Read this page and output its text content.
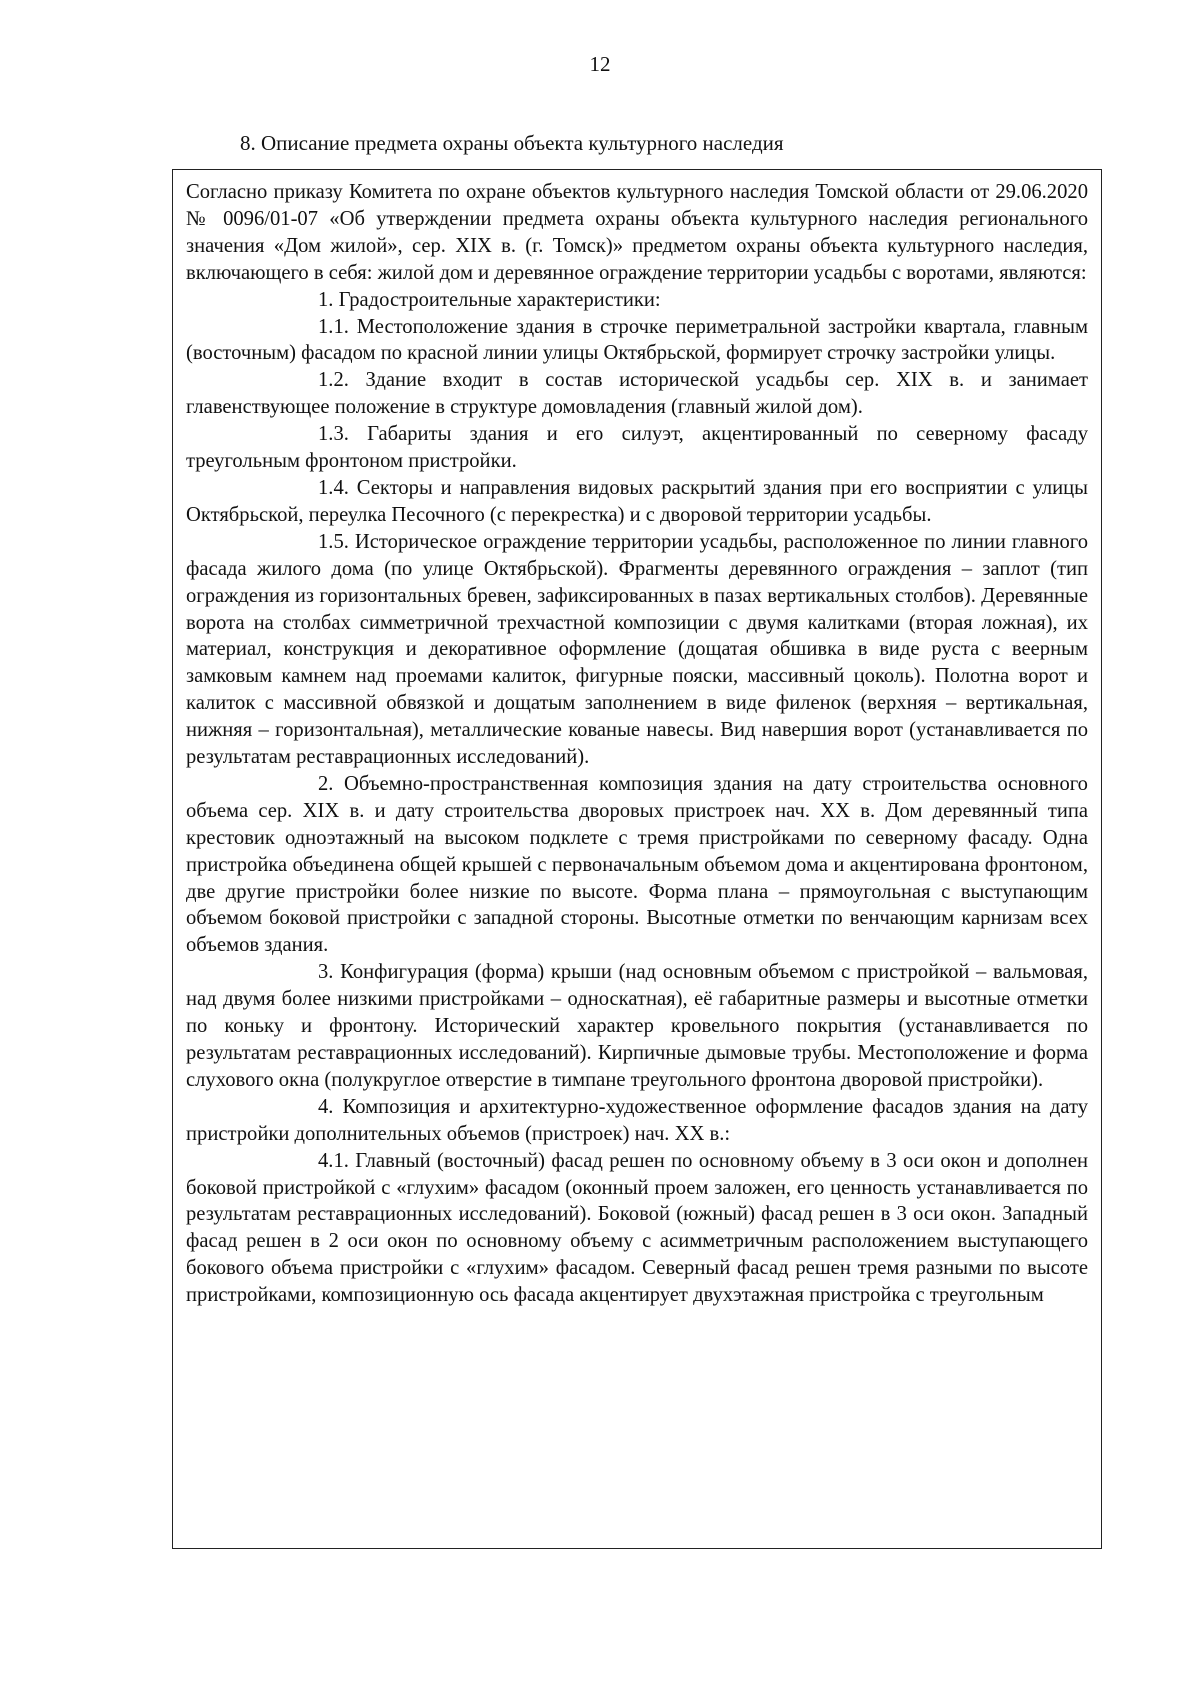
12
8. Описание предмета охраны объекта культурного наследия

Согласно приказу Комитета по охране объектов культурного наследия Томской области от 29.06.2020 № 0096/01-07 «Об утверждении предмета охраны объекта культурного наследия регионального значения «Дом жилой», сер. XIX в. (г. Томск)» предметом охраны объекта культурного наследия, включающего в себя: жилой дом и деревянное ограждение территории усадьбы с воротами, являются:

1. Градостроительные характеристики:

1.1. Местоположение здания в строчке периметральной застройки квартала, главным (восточным) фасадом по красной линии улицы Октябрьской, формирует строчку застройки улицы.

1.2. Здание входит в состав исторической усадьбы сер. XIX в. и занимает главенствующее положение в структуре домовладения (главный жилой дом).

1.3. Габариты здания и его силуэт, акцентированный по северному фасаду треугольным фронтоном пристройки.

1.4. Секторы и направления видовых раскрытий здания при его восприятии с улицы Октябрьской, переулка Песочного (с перекрестка) и с дворовой территории усадьбы.

1.5. Историческое ограждение территории усадьбы, расположенное по линии главного фасада жилого дома (по улице Октябрьской). Фрагменты деревянного ограждения – заплот (тип ограждения из горизонтальных бревен, зафиксированных в пазах вертикальных столбов). Деревянные ворота на столбах симметричной трехчастной композиции с двумя калитками (вторая ложная), их материал, конструкция и декоративное оформление (дощатая обшивка в виде руста с веерным замковым камнем над проемами калиток, фигурные пояски, массивный цоколь). Полотна ворот и калиток с массивной обвязкой и дощатым заполнением в виде филенок (верхняя – вертикальная, нижняя – горизонтальная), металлические кованые навесы. Вид навершия ворот (устанавливается по результатам реставрационных исследований).

2. Объемно-пространственная композиция здания на дату строительства основного объема сер. XIX в. и дату строительства дворовых пристроек нач. XX в. Дом деревянный типа крестовик одноэтажный на высоком подклете с тремя пристройками по северному фасаду. Одна пристройка объединена общей крышей с первоначальным объемом дома и акцентирована фронтоном, две другие пристройки более низкие по высоте. Форма плана – прямоугольная с выступающим объемом боковой пристройки с западной стороны. Высотные отметки по венчающим карнизам всех объемов здания.

3. Конфигурация (форма) крыши (над основным объемом с пристройкой – вальмовая, над двумя более низкими пристройками – односкатная), её габаритные размеры и высотные отметки по коньку и фронтону. Исторический характер кровельного покрытия (устанавливается по результатам реставрационных исследований). Кирпичные дымовые трубы. Местоположение и форма слухового окна (полукруглое отверстие в тимпане треугольного фронтона дворовой пристройки).

4. Композиция и архитектурно-художественное оформление фасадов здания на дату пристройки дополнительных объемов (пристроек) нач. XX в.:

4.1. Главный (восточный) фасад решен по основному объему в 3 оси окон и дополнен боковой пристройкой с «глухим» фасадом (оконный проем заложен, его ценность устанавливается по результатам реставрационных исследований). Боковой (южный) фасад решен в 3 оси окон. Западный фасад решен в 2 оси окон по основному объему с асимметричным расположением выступающего бокового объема пристройки с «глухим» фасадом. Северный фасад решен тремя разными по высоте пристройками, композиционную ось фасада акцентирует двухэтажная пристройка с треугольным
